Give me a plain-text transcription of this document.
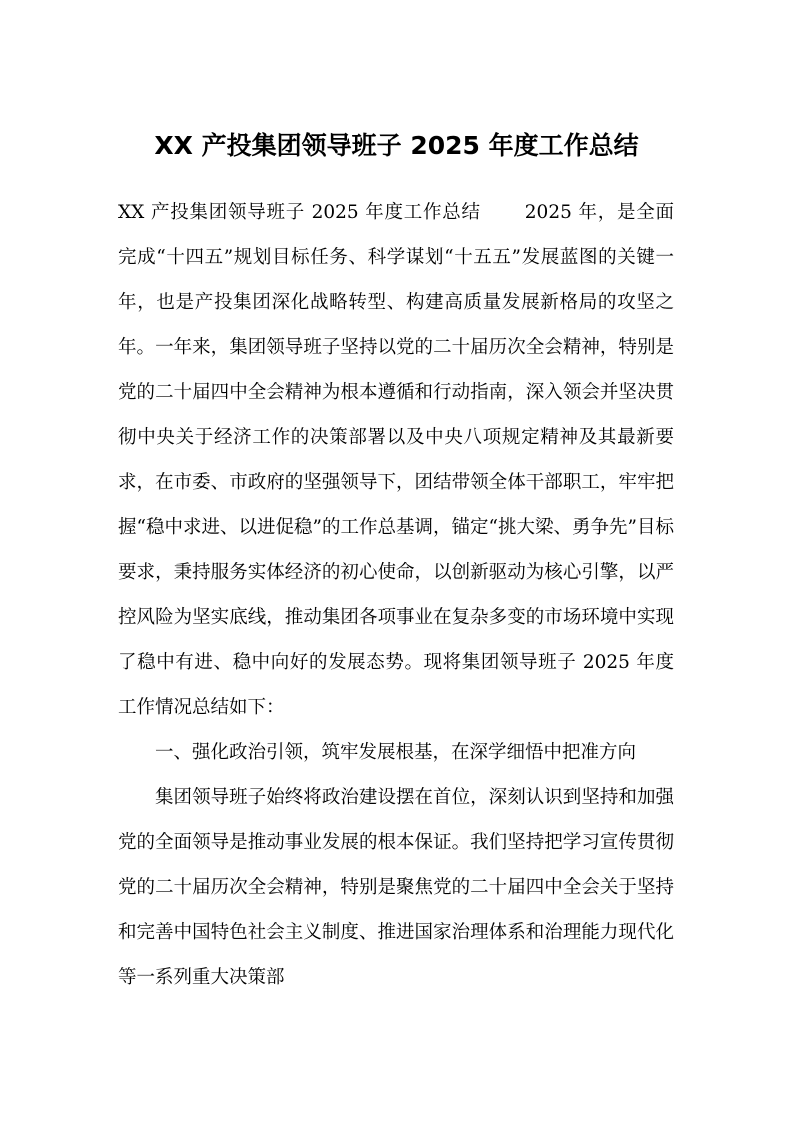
XX 产投集团领导班子 2025 年度工作总结

XX 产投集团领导班子 2025 年度工作总结 2025 年，是全面完成“十四五”规划目标任务、科学谋划“十五五”发展蓝图的关键一年，也是产投集团深化战略转型、构建高质量发展新格局的攻坚之年。一年来，集团领导班子坚持以党的二十届历次全会精神，特别是党的二十届四中全会精神为根本遵循和行动指南，深入领会并坚决贯彻中央关于经济工作的决策部署以及中央八项规定精神及其最新要求，在市委、市政府的坚强领导下，团结带领全体干部职工，牢牢把握“稳中求进、以进促稳”的工作总基调，锚定“挑大梁、勇争先”目标要求，秉持服务实体经济的初心使命，以创新驱动为核心引擎，以严控风险为坚实底线，推动集团各项事业在复杂多变的市场环境中实现了稳中有进、稳中向好的发展态势。现将集团领导班子 2025 年度工作情况总结如下：

一、强化政治引领，筑牢发展根基，在深学细悟中把准方向

集团领导班子始终将政治建设摆在首位，深刻认识到坚持和加强党的全面领导是推动事业发展的根本保证。我们坚持把学习宣传贯彻党的二十届历次全会精神，特别是聚焦党的二十届四中全会关于坚持和完善中国特色社会主义制度、推进国家治理体系和治理能力现代化等一系列重大决策部
